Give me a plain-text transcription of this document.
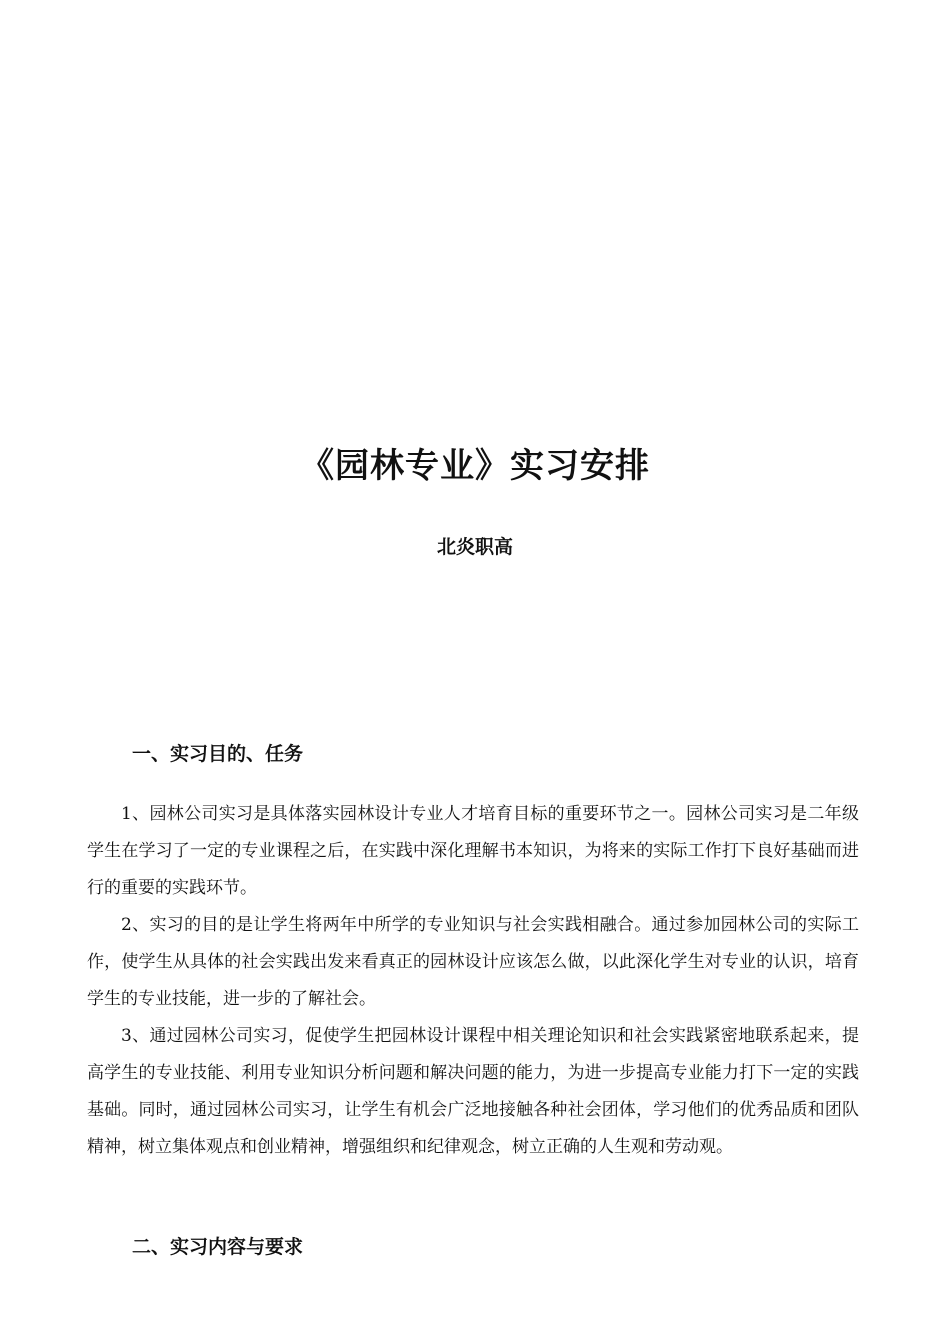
《园林专业》实习安排
北炎职高
一、实习目的、任务

1、园林公司实习是具体落实园林设计专业人才培育目标的重要环节之一。园林公司实习是二年级学生在学习了一定的专业课程之后，在实践中深化理解书本知识，为将来的实际工作打下良好基础而进行的重要的实践环节。

2、实习的目的是让学生将两年中所学的专业知识与社会实践相融合。通过参加园林公司的实际工作，使学生从具体的社会实践出发来看真正的园林设计应该怎么做，以此深化学生对专业的认识，培育学生的专业技能，进一步的了解社会。

3、通过园林公司实习，促使学生把园林设计课程中相关理论知识和社会实践紧密地联系起来，提高学生的专业技能、利用专业知识分析问题和解决问题的能力，为进一步提高专业能力打下一定的实践基础。同时，通过园林公司实习，让学生有机会广泛地接触各种社会团体，学习他们的优秀品质和团队精神，树立集体观点和创业精神，增强组织和纪律观念，树立正确的人生观和劳动观。

二、实习内容与要求
